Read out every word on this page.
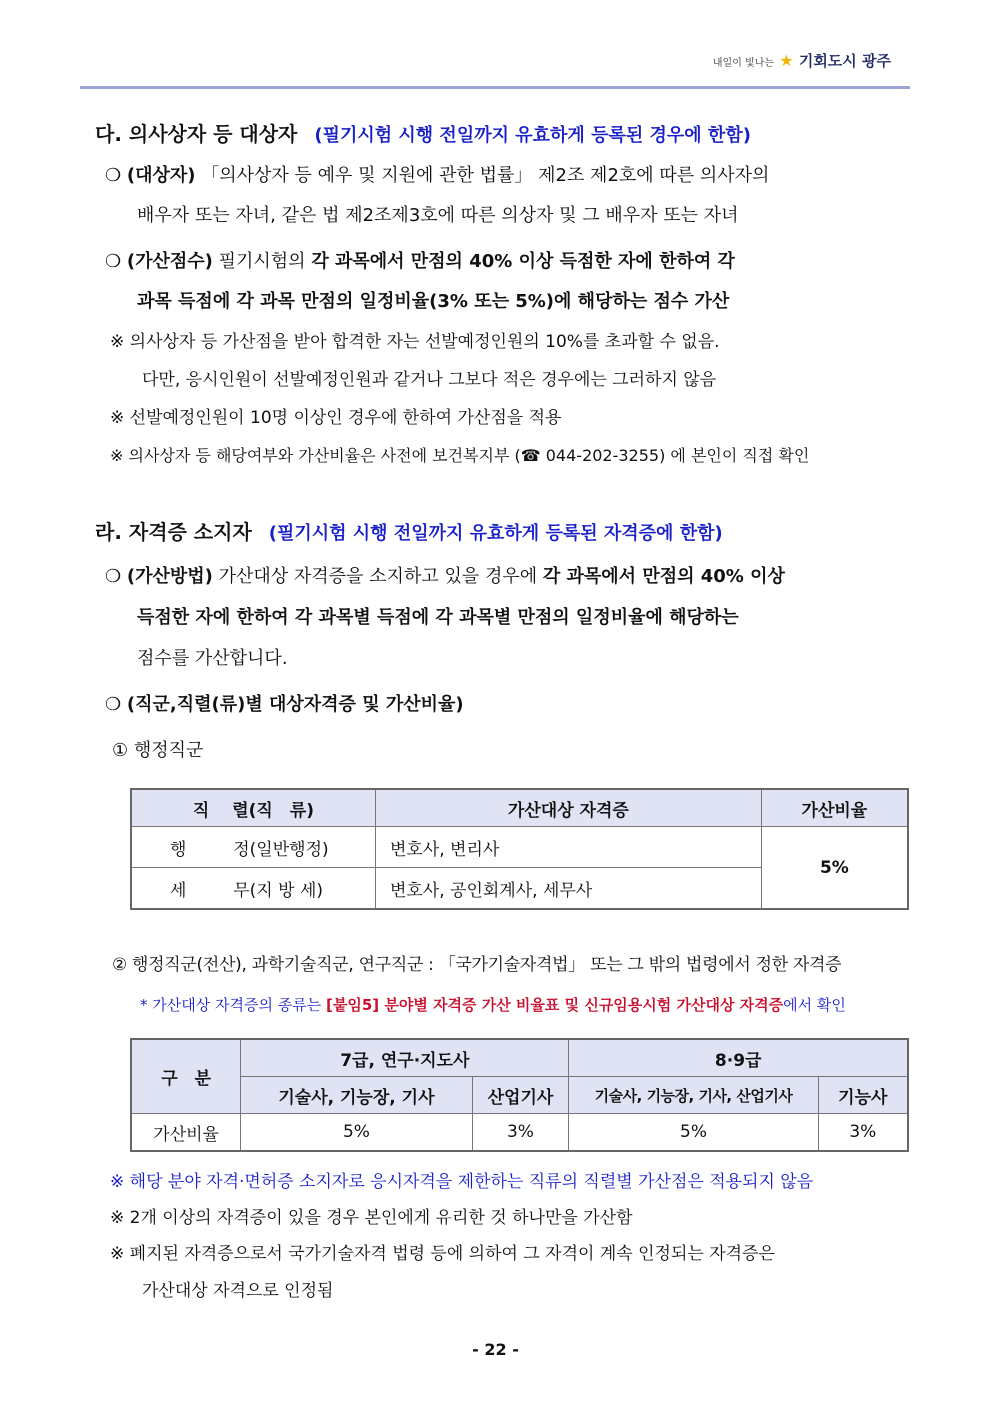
내일이 빛나는 ★ 기회도시 광주
다. 의사상자 등 대상자 (필기시험 시행 전일까지 유효하게 등록된 경우에 한함)
❍ (대상자) 「의사상자 등 예우 및 지원에 관한 법률」 제2조 제2호에 따른 의사자의
배우자 또는 자녀, 같은 법 제2조제3호에 따른 의상자 및 그 배우자 또는 자녀
❍ (가산점수) 필기시험의 각 과목에서 만점의 40% 이상 득점한 자에 한하여 각
과목 득점에 각 과목 만점의 일정비율(3% 또는 5%)에 해당하는 점수 가산
※ 의사상자 등 가산점을 받아 합격한 자는 선발예정인원의 10%를 초과할 수 없음.
다만, 응시인원이 선발예정인원과 같거나 그보다 적은 경우에는 그러하지 않음
※ 선발예정인원이 10명 이상인 경우에 한하여 가산점을 적용
※ 의사상자 등 해당여부와 가산비율은 사전에 보건복지부 (☎ 044-202-3255) 에 본인이 직접 확인
라. 자격증 소지자 (필기시험 시행 전일까지 유효하게 등록된 자격증에 한함)
❍ (가산방법) 가산대상 자격증을 소지하고 있을 경우에 각 과목에서 만점의 40% 이상
득점한 자에 한하여 각 과목별 득점에 각 과목별 만점의 일정비율에 해당하는
점수를 가산합니다.
❍ (직군,직렬(류)별 대상자격증 및 가산비율)
① 행정직군
직　 렬(직　류)	가산대상 자격증	가산비율
행 정(일반행정)	변호사, 변리사	5%
세 무(지 방 세)	변호사, 공인회계사, 세무사	
② 행정직군(전산), 과학기술직군, 연구직군 : 「국가기술자격법」 또는 그 밖의 법령에서 정한 자격증
* 가산대상 자격증의 종류는 [붙임5] 분야별 자격증 가산 비율표 및 신규임용시험 가산대상 자격증에서 확인
구　분	7급, 연구·지도사		8·9급	
	기술사, 기능장, 기사	산업기사	기술사, 기능장, 기사, 산업기사	기능사
가산비율	5%	3%	5%	3%
※ 해당 분야 자격·면허증 소지자로 응시자격을 제한하는 직류의 직렬별 가산점은 적용되지 않음
※ 2개 이상의 자격증이 있을 경우 본인에게 유리한 것 하나만을 가산함
※ 폐지된 자격증으로서 국가기술자격 법령 등에 의하여 그 자격이 계속 인정되는 자격증은
가산대상 자격으로 인정됨
- 22 -
